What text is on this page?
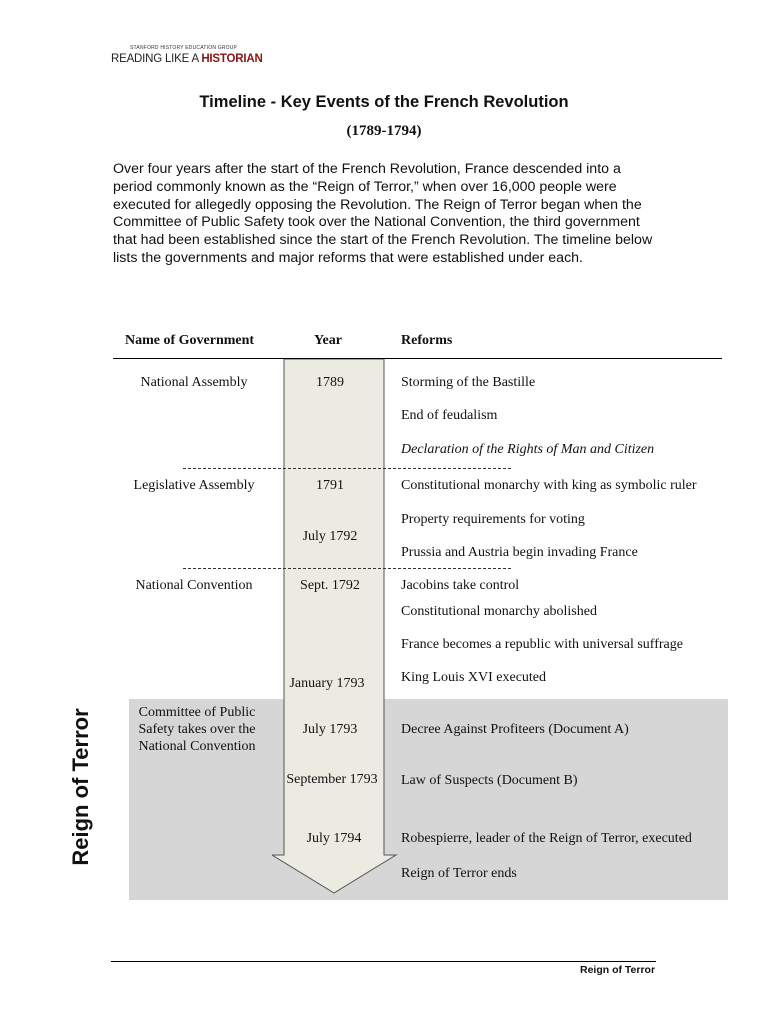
STANFORD HISTORY EDUCATION GROUP
READING LIKE A HISTORIAN
Timeline - Key Events of the French Revolution
(1789-1794)
Over four years after the start of the French Revolution, France descended into a period commonly known as the “Reign of Terror,” when over 16,000 people were executed for allegedly opposing the Revolution. The Reign of Terror began when the Committee of Public Safety took over the National Convention, the third government that had been established since the start of the French Revolution. The timeline below lists the governments and major reforms that were established under each.
Name of Government	Year	Reforms
National Assembly
Legislative Assembly
National Convention
Committee of Public Safety takes over the National Convention
1789
1791
July 1792
Sept. 1792
January 1793
July 1793
September 1793
July 1794
Storming of the Bastille
End of feudalism
Declaration of the Rights of Man and Citizen
Constitutional monarchy with king as symbolic ruler
Property requirements for voting
Prussia and Austria begin invading France
Jacobins take control
Constitutional monarchy abolished
France becomes a republic with universal suffrage
King Louis XVI executed
Decree Against Profiteers (Document A)
Law of Suspects (Document B)
Robespierre, leader of the Reign of Terror, executed
Reign of Terror ends
Reign of Terror
Reign of Terror
